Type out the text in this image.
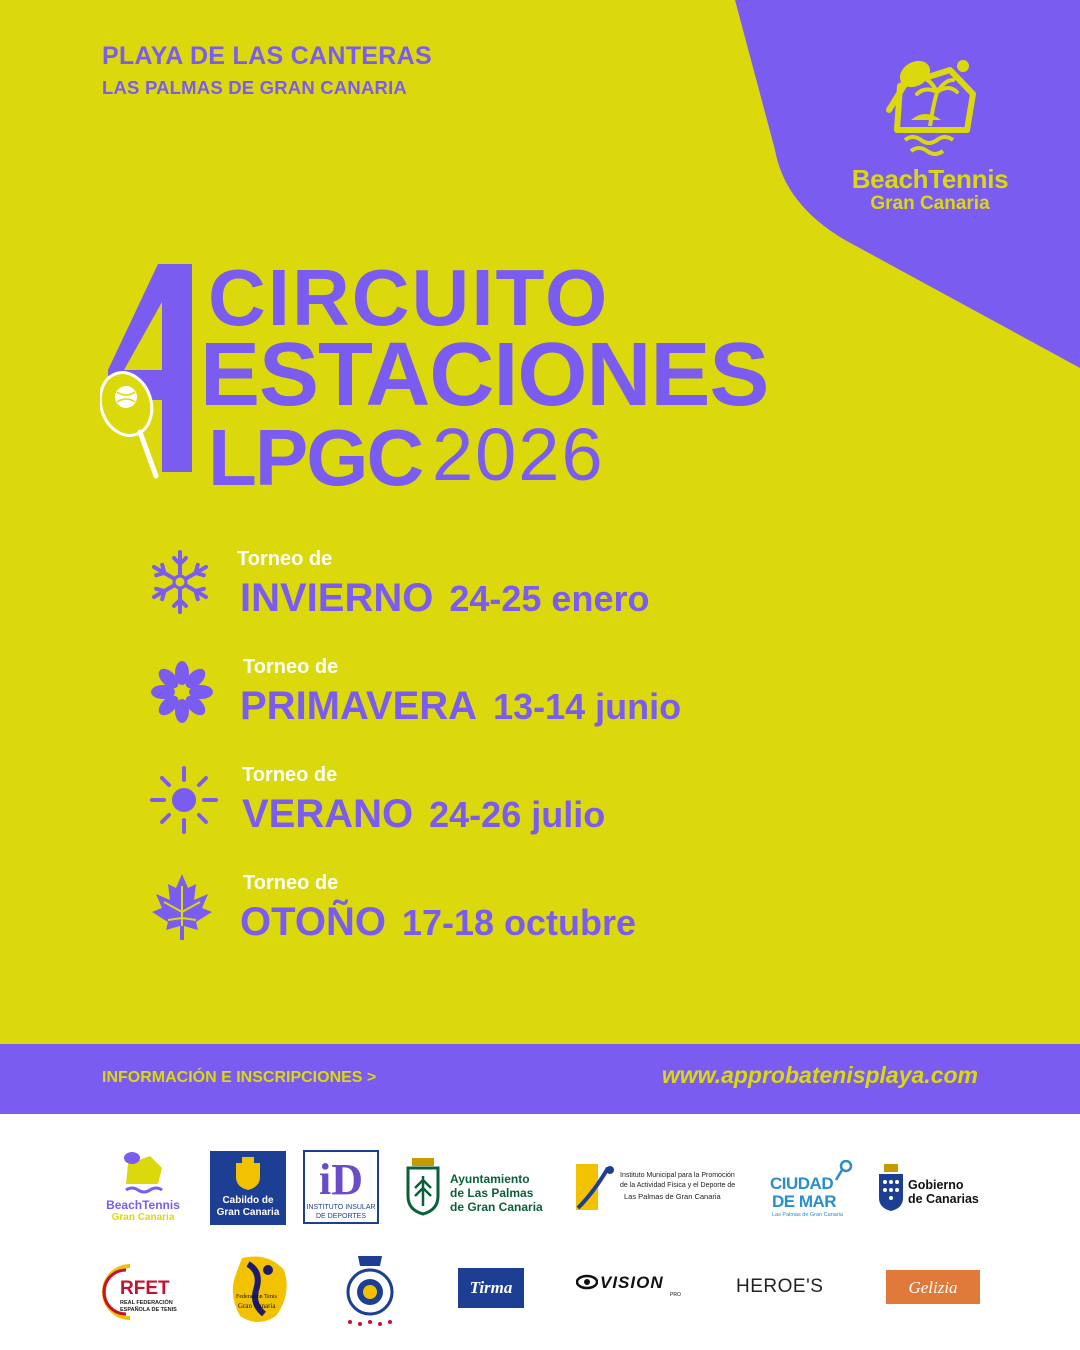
PLAYA DE LAS CANTERAS
LAS PALMAS DE GRAN CANARIA
BeachTennis
Gran Canaria
CIRCUITO
ESTACIONES
LPGC 2026
Torneo de
INVIERNO 24-25 enero
Torneo de
PRIMAVERA 13-14 junio
Torneo de
VERANO 24-26 julio
Torneo de
OTOÑO 17-18 octubre
INFORMACIÓN E INSCRIPCIONES >	www.approbatenisplaya.com
BeachTennis
Gran Canaria
Cabildo de
Gran Canaria
iD
INSTITUTO INSULAR
DE DEPORTES
Ayuntamiento
de Las Palmas
de Gran Canaria
Instituto Municipal para la Promoción
de la Actividad Física y el Deporte de
Las Palmas de Gran Canaria
CIUDAD
DE MAR
Las Palmas de Gran Canaria
Gobierno
de Canarias
RFET
REAL FEDERACIÓN
ESPAÑOLA DE TENIS
Federación Tenis
Gran Canaria
Tirma	VISION
PRO	HEROE'S	Gelizia
